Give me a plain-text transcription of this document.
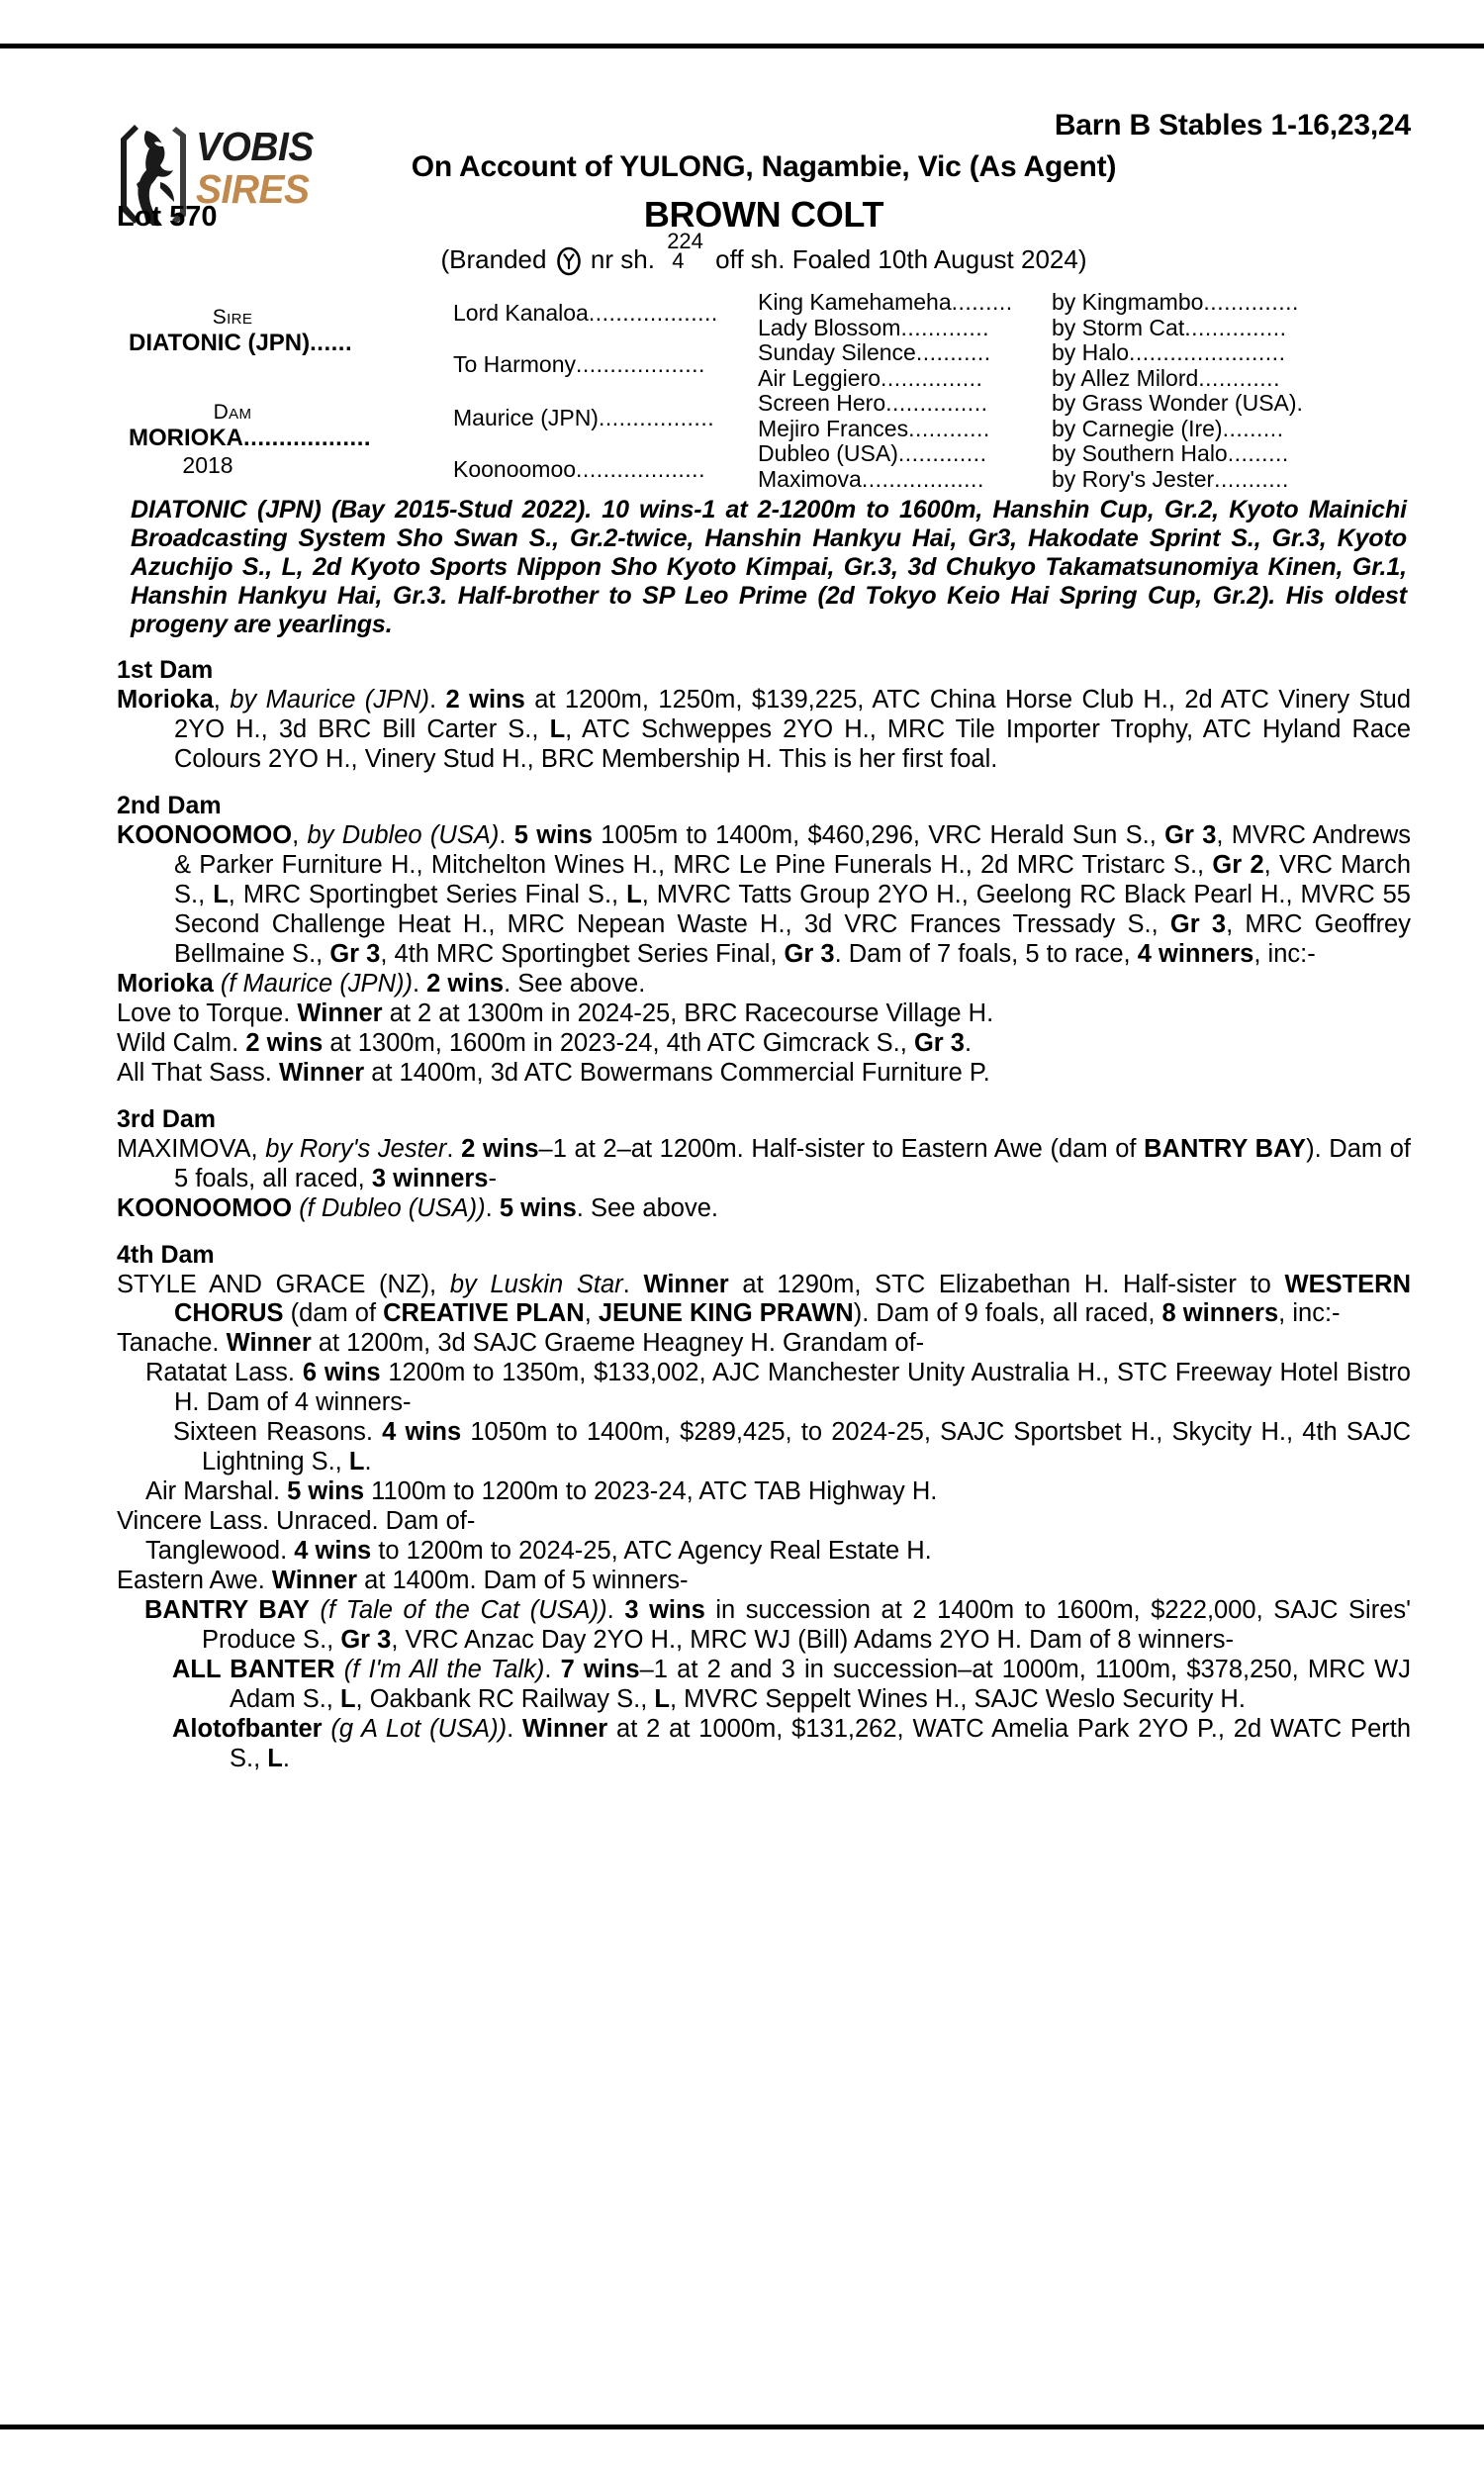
VOBIS
SIRES
Barn B Stables 1-16,23,24
On Account of YULONG, Nagambie, Vic (As Agent)
Lot 570	BROWN COLT
(Branded nr sh.
224
4	off sh. Foaled 10th August 2024)
Sire
DIATONIC (JPN)......
Dam
MORIOKA..................
2018
Lord Kanaloa...................
To Harmony...................
Maurice (JPN).................
Koonoomoo...................
King Kamehameha.........
Lady Blossom.............
Sunday Silence...........
Air Leggiero...............
Screen Hero...............
Mejiro Frances............
Dubleo (USA).............
Maximova..................
by Kingmambo..............
by Storm Cat...............
by Halo.......................
by Allez Milord............
by Grass Wonder (USA).
by Carnegie (Ire).........
by Southern Halo.........
by Rory's Jester...........
DIATONIC (JPN) (Bay 2015-Stud 2022). 10 wins-1 at 2-1200m to 1600m, Hanshin Cup, Gr.2, Kyoto Mainichi Broadcasting System Sho Swan S., Gr.2-twice, Hanshin Hankyu Hai, Gr3, Hakodate Sprint S., Gr.3, Kyoto Azuchijo S., L, 2d Kyoto Sports Nippon Sho Kyoto Kimpai, Gr.3, 3d Chukyo Takamatsunomiya Kinen, Gr.1, Hanshin Hankyu Hai, Gr.3. Half-brother to SP Leo Prime (2d Tokyo Keio Hai Spring Cup, Gr.2). His oldest progeny are yearlings.
1st Dam
Morioka, by Maurice (JPN). 2 wins at 1200m, 1250m, $139,225, ATC China Horse Club H., 2d ATC Vinery Stud 2YO H., 3d BRC Bill Carter S., L, ATC Schweppes 2YO H., MRC Tile Importer Trophy, ATC Hyland Race Colours 2YO H., Vinery Stud H., BRC Membership H. This is her first foal.
2nd Dam
KOONOOMOO, by Dubleo (USA). 5 wins 1005m to 1400m, $460,296, VRC Herald Sun S., Gr 3, MVRC Andrews & Parker Furniture H., Mitchelton Wines H., MRC Le Pine Funerals H., 2d MRC Tristarc S., Gr 2, VRC March S., L, MRC Sportingbet Series Final S., L, MVRC Tatts Group 2YO H., Geelong RC Black Pearl H., MVRC 55 Second Challenge Heat H., MRC Nepean Waste H., 3d VRC Frances Tressady S., Gr 3, MRC Geoffrey Bellmaine S., Gr 3, 4th MRC Sportingbet Series Final, Gr 3. Dam of 7 foals, 5 to race, 4 winners, inc:-
Morioka (f Maurice (JPN)). 2 wins. See above.
Love to Torque. Winner at 2 at 1300m in 2024-25, BRC Racecourse Village H.
Wild Calm. 2 wins at 1300m, 1600m in 2023-24, 4th ATC Gimcrack S., Gr 3.
All That Sass. Winner at 1400m, 3d ATC Bowermans Commercial Furniture P.
3rd Dam
MAXIMOVA, by Rory's Jester. 2 wins–1 at 2–at 1200m. Half-sister to Eastern Awe (dam of BANTRY BAY). Dam of 5 foals, all raced, 3 winners-
KOONOOMOO (f Dubleo (USA)). 5 wins. See above.
4th Dam
STYLE AND GRACE (NZ), by Luskin Star. Winner at 1290m, STC Elizabethan H. Half-sister to WESTERN CHORUS (dam of CREATIVE PLAN, JEUNE KING PRAWN). Dam of 9 foals, all raced, 8 winners, inc:-
Tanache. Winner at 1200m, 3d SAJC Graeme Heagney H. Grandam of-
Ratatat Lass. 6 wins 1200m to 1350m, $133,002, AJC Manchester Unity Australia H., STC Freeway Hotel Bistro H. Dam of 4 winners-
Sixteen Reasons. 4 wins 1050m to 1400m, $289,425, to 2024-25, SAJC Sportsbet H., Skycity H., 4th SAJC Lightning S., L.
Air Marshal. 5 wins 1100m to 1200m to 2023-24, ATC TAB Highway H.
Vincere Lass. Unraced. Dam of-
Tanglewood. 4 wins to 1200m to 2024-25, ATC Agency Real Estate H.
Eastern Awe. Winner at 1400m. Dam of 5 winners-
BANTRY BAY (f Tale of the Cat (USA)). 3 wins in succession at 2 1400m to 1600m, $222,000, SAJC Sires' Produce S., Gr 3, VRC Anzac Day 2YO H., MRC WJ (Bill) Adams 2YO H. Dam of 8 winners-
ALL BANTER (f I'm All the Talk). 7 wins–1 at 2 and 3 in succession–at 1000m, 1100m, $378,250, MRC WJ Adam S., L, Oakbank RC Railway S., L, MVRC Seppelt Wines H., SAJC Weslo Security H.
Alotofbanter (g A Lot (USA)). Winner at 2 at 1000m, $131,262, WATC Amelia Park 2YO P., 2d WATC Perth S., L.
